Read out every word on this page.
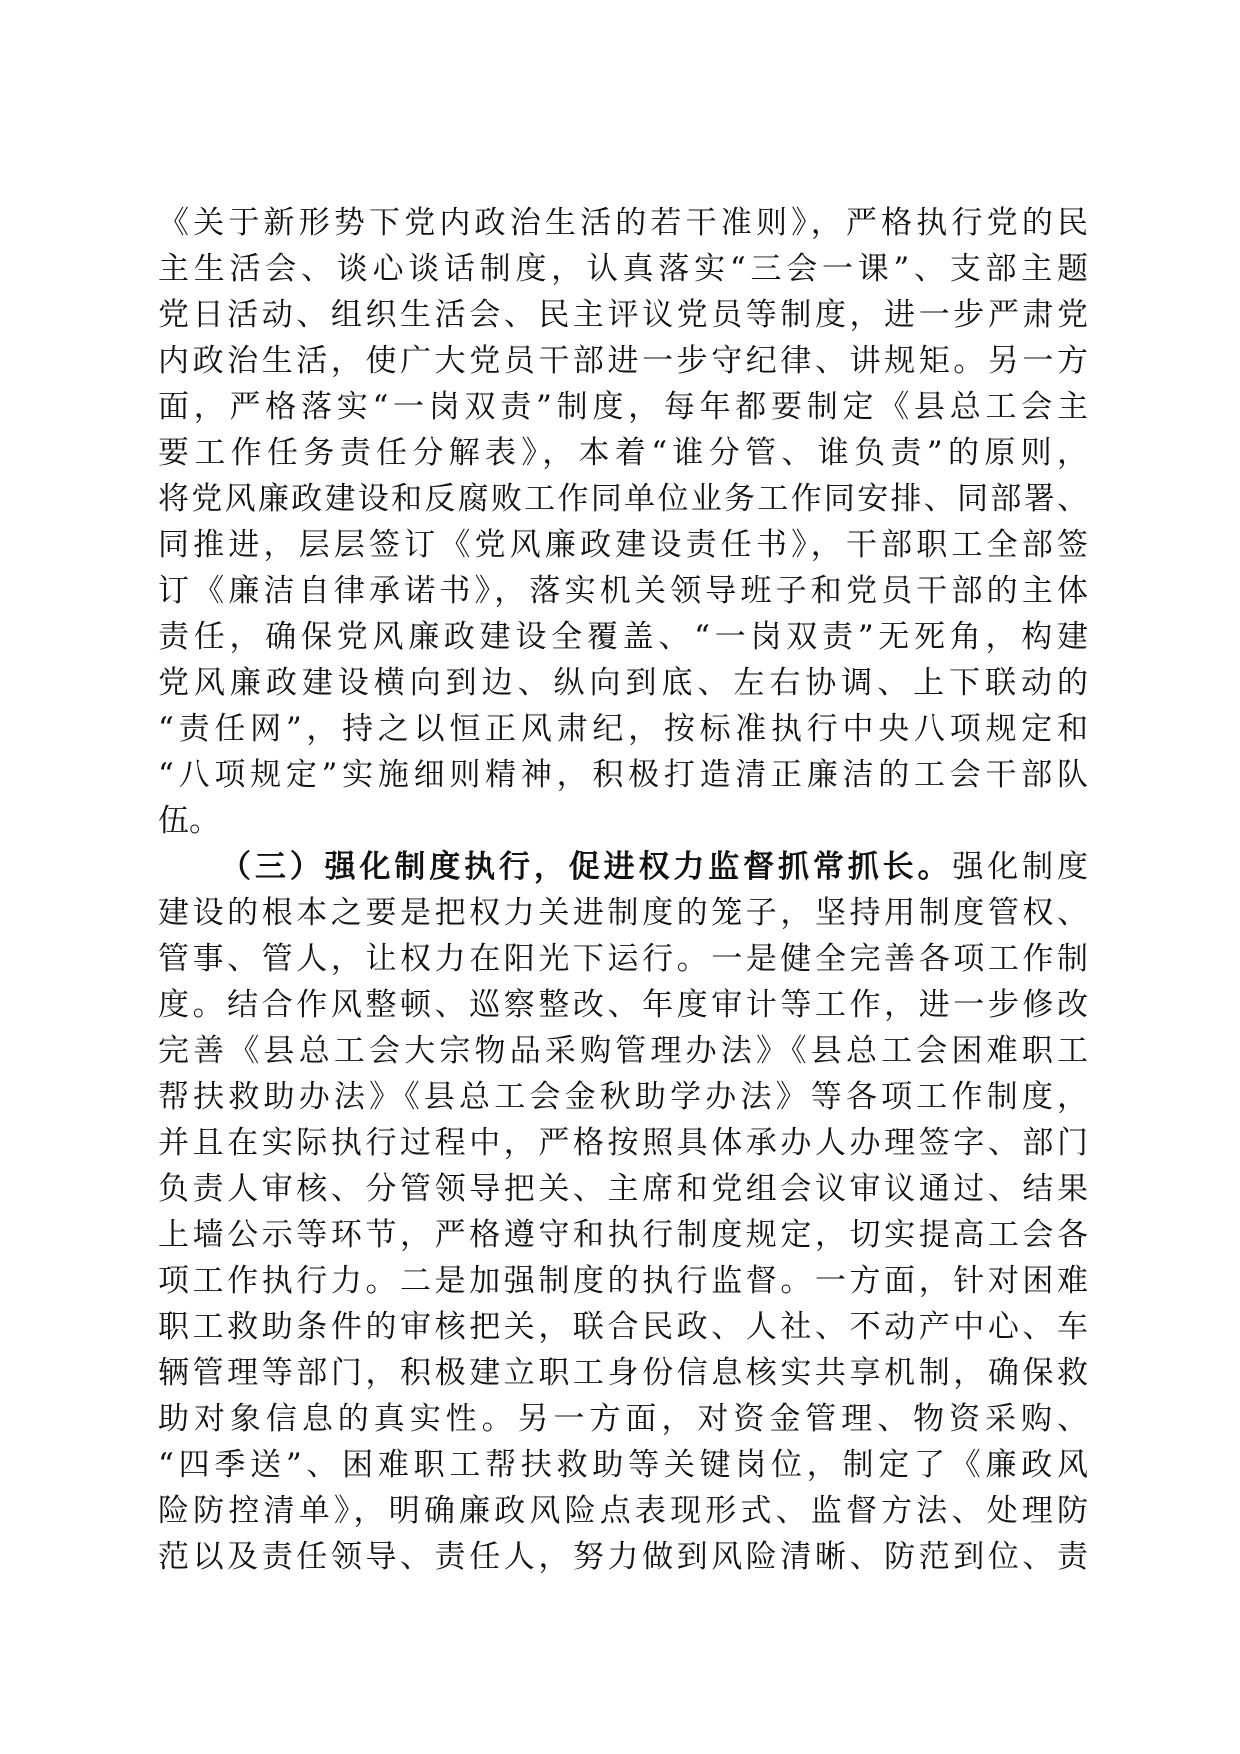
《关于新形势下党内政治生活的若干准则》，严格执行党的民
主生活会、谈心谈话制度，认真落实“三会一课”、支部主题
党日活动、组织生活会、民主评议党员等制度，进一步严肃党
内政治生活，使广大党员干部进一步守纪律、讲规矩。另一方
面，严格落实“一岗双责”制度，每年都要制定《县总工会主
要工作任务责任分解表》，本着“谁分管、谁负责”的原则，
将党风廉政建设和反腐败工作同单位业务工作同安排、同部署、
同推进，层层签订《党风廉政建设责任书》，干部职工全部签
订《廉洁自律承诺书》，落实机关领导班子和党员干部的主体
责任，确保党风廉政建设全覆盖、“一岗双责”无死角，构建
党风廉政建设横向到边、纵向到底、左右协调、上下联动的
“责任网”，持之以恒正风肃纪，按标准执行中央八项规定和
“八项规定”实施细则精神，积极打造清正廉洁的工会干部队
伍。
（三）强化制度执行，促进权力监督抓常抓长。强化制度
建设的根本之要是把权力关进制度的笼子，坚持用制度管权、
管事、管人，让权力在阳光下运行。一是健全完善各项工作制
度。结合作风整顿、巡察整改、年度审计等工作，进一步修改
完善《县总工会大宗物品采购管理办法》《县总工会困难职工
帮扶救助办法》《县总工会金秋助学办法》等各项工作制度，
并且在实际执行过程中，严格按照具体承办人办理签字、部门
负责人审核、分管领导把关、主席和党组会议审议通过、结果
上墙公示等环节，严格遵守和执行制度规定，切实提高工会各
项工作执行力。二是加强制度的执行监督。一方面，针对困难
职工救助条件的审核把关，联合民政、人社、不动产中心、车
辆管理等部门，积极建立职工身份信息核实共享机制，确保救
助对象信息的真实性。另一方面，对资金管理、物资采购、
“四季送”、困难职工帮扶救助等关键岗位，制定了《廉政风
险防控清单》，明确廉政风险点表现形式、监督方法、处理防
范以及责任领导、责任人，努力做到风险清晰、防范到位、责
